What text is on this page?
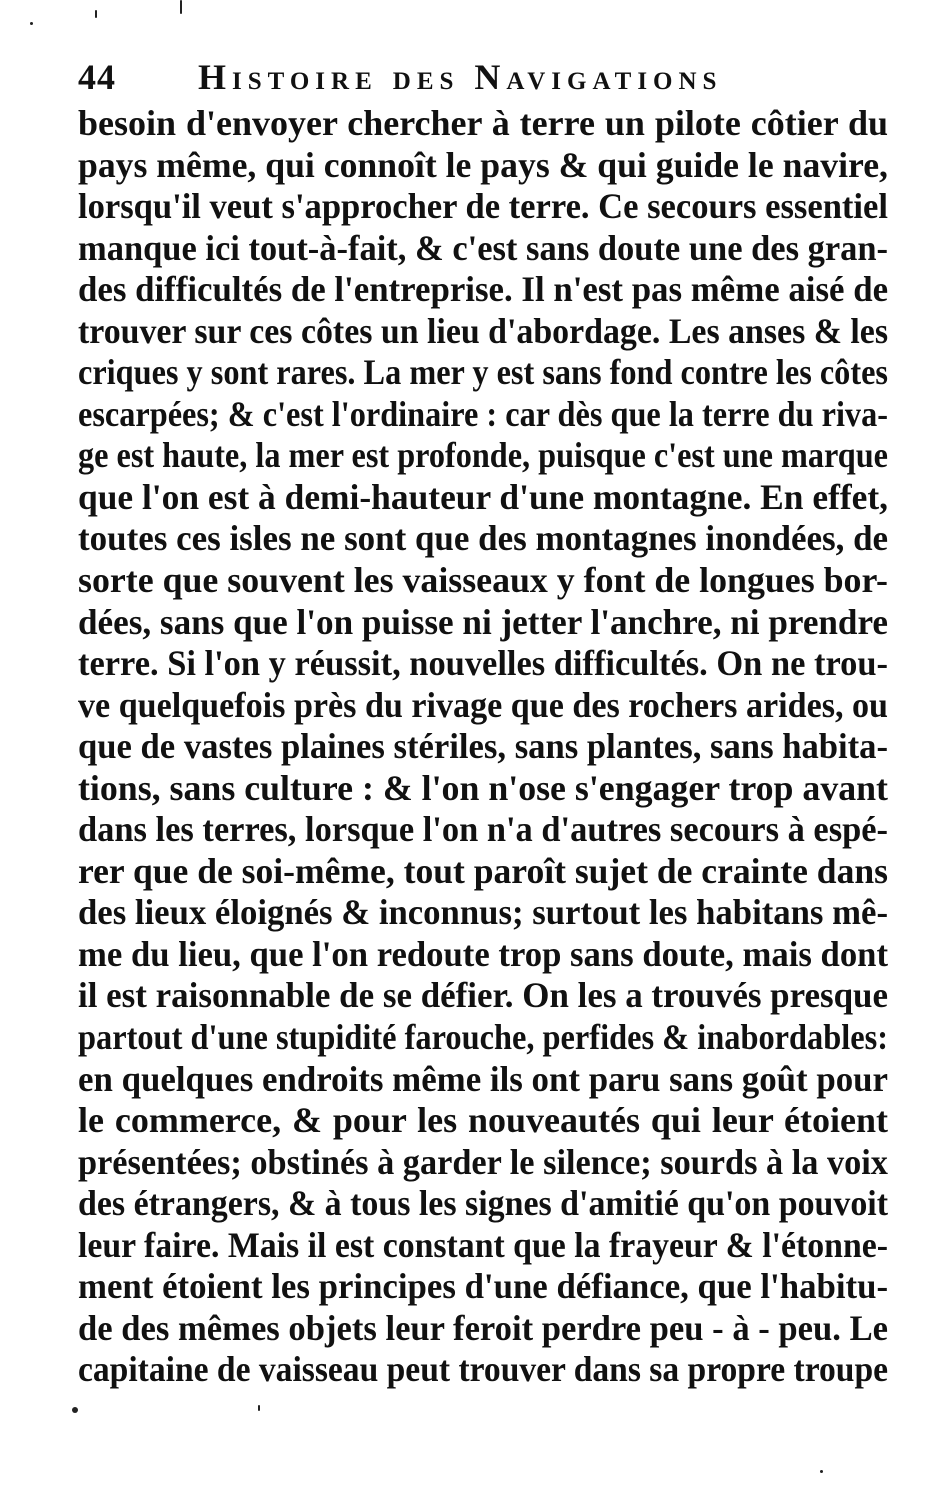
44 Histoire des Navigations
besoin d'envoyer chercher à terre un pilote côtier du
pays même, qui connoît le pays & qui guide le navire,
lorsqu'il veut s'approcher de terre. Ce secours essentiel
manque ici tout-à-fait, & c'est sans doute une des gran-
des difficultés de l'entreprise. Il n'est pas même aisé de
trouver sur ces côtes un lieu d'abordage. Les anses & les
criques y sont rares. La mer y est sans fond contre les côtes
escarpées; & c'est l'ordinaire : car dès que la terre du riva-
ge est haute, la mer est profonde, puisque c'est une marque
que l'on est à demi-hauteur d'une montagne. En effet,
toutes ces isles ne sont que des montagnes inondées, de
sorte que souvent les vaisseaux y font de longues bor-
dées, sans que l'on puisse ni jetter l'anchre, ni prendre
terre. Si l'on y réussit, nouvelles difficultés. On ne trou-
ve quelquefois près du rivage que des rochers arides, ou
que de vastes plaines stériles, sans plantes, sans habita-
tions, sans culture : & l'on n'ose s'engager trop avant
dans les terres, lorsque l'on n'a d'autres secours à espé-
rer que de soi-même, tout paroît sujet de crainte dans
des lieux éloignés & inconnus; surtout les habitans mê-
me du lieu, que l'on redoute trop sans doute, mais dont
il est raisonnable de se défier. On les a trouvés presque
partout d'une stupidité farouche, perfides & inabordables:
en quelques endroits même ils ont paru sans goût pour
le commerce, & pour les nouveautés qui leur étoient
présentées; obstinés à garder le silence; sourds à la voix
des étrangers, & à tous les signes d'amitié qu'on pouvoit
leur faire. Mais il est constant que la frayeur & l'étonne-
ment étoient les principes d'une défiance, que l'habitu-
de des mêmes objets leur feroit perdre peu - à - peu. Le
capitaine de vaisseau peut trouver dans sa propre troupe
